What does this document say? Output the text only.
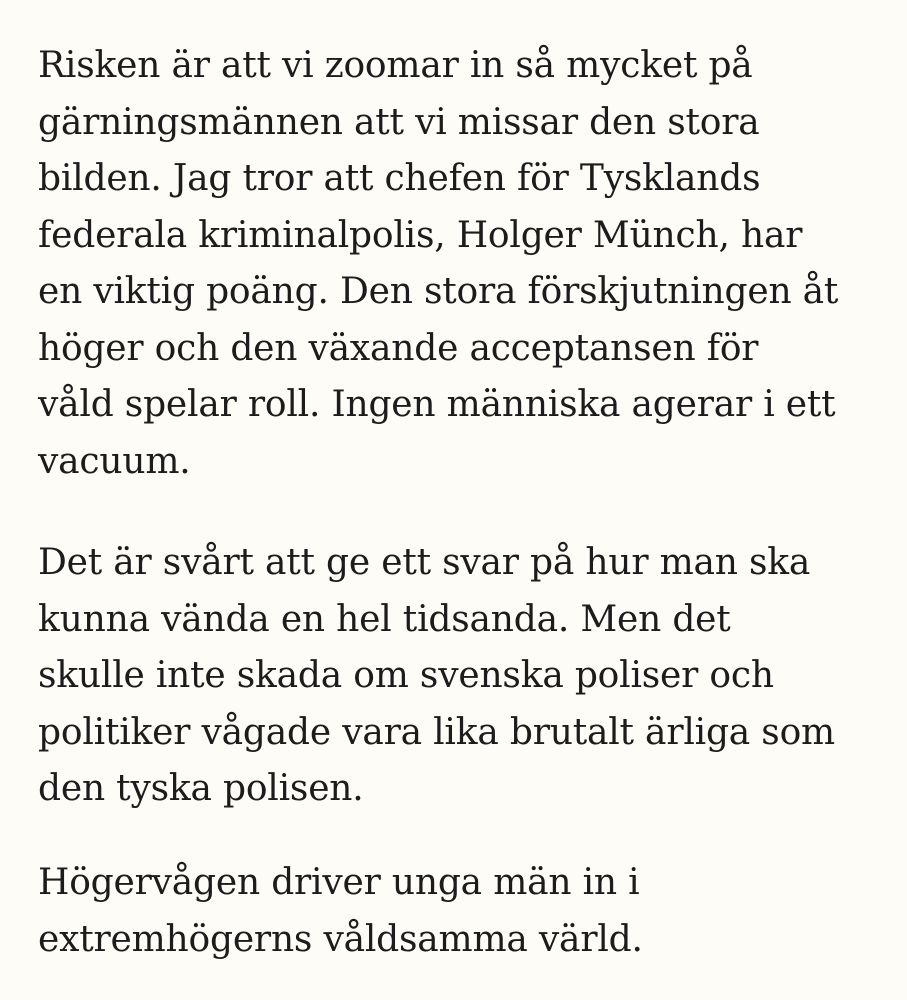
Risken är att vi zoomar in så mycket på
gärningsmännen att vi missar den stora
bilden. Jag tror att chefen för Tysklands
federala kriminalpolis, Holger Münch, har
en viktig poäng. Den stora förskjutningen åt
höger och den växande acceptansen för
våld spelar roll. Ingen människa agerar i ett
vacuum.

Det är svårt att ge ett svar på hur man ska
kunna vända en hel tidsanda. Men det
skulle inte skada om svenska poliser och
politiker vågade vara lika brutalt ärliga som
den tyska polisen.

Högervågen driver unga män in i
extremhögerns våldsamma värld.
